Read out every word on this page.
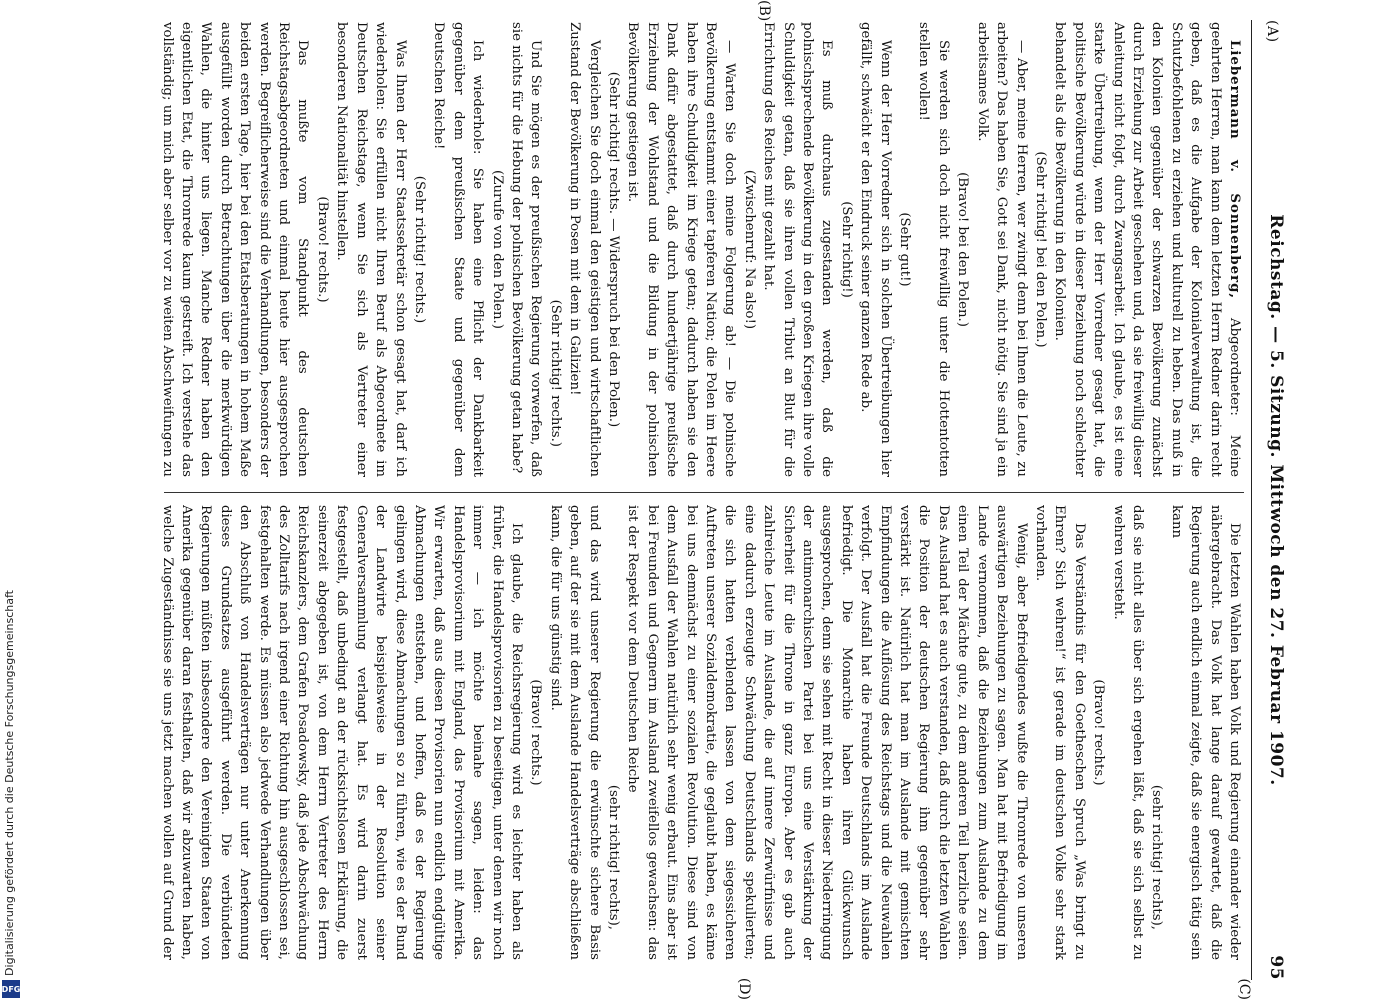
Digitalisierung gefördert durch die Deutsche Forschungsgemeinschaft
DFG
(A)
Reichstag. — 5. Sitzung. Mittwoch den 27. Februar 1907.
95
(B)
(C)
(D)

Liebermann v. Sonnenberg, Abgeordneter: Meine geehrten Herren, man kann dem letzten Herrn Redner darin recht geben, daß es die Aufgabe der Kolonialverwaltung ist, die Schutzbefohlenen zu erziehen und kulturell zu heben. Das muß in den Kolonien gegenüber der schwarzen Bevölkerung zunächst durch Erziehung zur Arbeit geschehen und, da sie freiwillig dieser Anleitung nicht folgt, durch Zwangsarbeit. Ich glaube, es ist eine starke Übertreibung, wenn der Herr Vorredner gesagt hat, die politische Bevölkerung würde in dieser Beziehung noch schlechter behandelt als die Bevölkerung in den Kolonien.

(Sehr richtig! bei den Polen.)

— Aber, meine Herren, wer zwingt denn bei Ihnen die Leute, zu arbeiten? Das haben Sie, Gott sei Dank, nicht nötig. Sie sind ja ein arbeitsames Volk.

(Bravo! bei den Polen.)

Sie werden sich doch nicht freiwillig unter die Hottentotten stellen wollen!

(Sehr gut!)

Wenn der Herr Vorredner sich in solchen Übertreibungen hier gefällt, schwächt er den Eindruck seiner ganzen Rede ab.

(Sehr richtig!)

Es muß durchaus zugestanden werden, daß die polnischsprechende Bevölkerung in den großen Kriegen ihre volle Schuldigkeit getan, daß sie ihren vollen Tribut an Blut für die Errichtung des Reiches mit gezahlt hat.

(Zwischenruf: Na also!)

— Warten Sie doch meine Folgerung ab! — Die polnische Bevölkerung entstammt einer tapferen Nation; die Polen im Heere haben ihre Schuldigkeit im Kriege getan; dadurch haben sie den Dank dafür abgestattet, daß durch hundertjährige preußische Erziehung der Wohlstand und die Bildung in der polnischen Bevölkerung gestiegen ist.

(Sehr richtig! rechts. — Widerspruch bei den Polen.)

Vergleichen Sie doch einmal den geistigen und wirtschaftlichen Zustand der Bevölkerung in Posen mit dem in Galizien!

(Sehr richtig! rechts.)

Und Sie mögen es der preußischen Regierung vorwerfen, daß sie nichts für die Hebung der polnischen Bevölkerung getan habe?

(Zurufe von den Polen.)

Ich wiederhole: Sie haben eine Pflicht der Dankbarkeit gegenüber dem preußischen Staate und gegenüber dem Deutschen Reiche!

(Sehr richtig! rechts.)

Was Ihnen der Herr Staatssekretär schon gesagt hat, darf ich wiederholen: Sie erfüllen nicht Ihren Beruf als Abgeordnete im Deutschen Reichstage, wenn Sie sich als Vertreter einer besonderen Nationalität hinstellen.

(Bravo! rechts.)

Das mußte vom Standpunkt des deutschen Reichstagsabgeordneten und einmal heute hier ausgesprochen werden. Begreiflicherweise sind die Verhandlungen, besonders der beiden ersten Tage, hier bei den Etatsberatungen in hohem Maße ausgefüllt worden durch Betrachtungen über die merkwürdigen Wahlen, die hinter uns liegen. Manche Redner haben den eigentlichen Etat, die Thronrede kaum gestreift. Ich verstehe das vollständig; um mich aber selber vor zu weiten Abschweifungen zu

Die letzten Wahlen haben Volk und Regierung einander wieder nähergebracht. Das Volk hat lange darauf gewartet, daß die Regierung auch endlich einmal zeigte, daß sie energisch tätig sein kann

(sehr richtig! rechts),

daß sie nicht alles über sich ergehen läßt, daß sie sich selbst zu wehren versteht.

(Bravo! rechts.)

Das Verständnis für den Goetheschen Spruch „Was bringt zu Ehren? Sich wehren!“ ist gerade im deutschen Volke sehr stark vorhanden.

Wenig, aber Befriedigendes wußte die Thronrede von unseren auswärtigen Beziehungen zu sagen. Man hat mit Befriedigung im Lande vernommen, daß die Beziehungen zum Auslande zu dem einen Teil der Mächte gute, zu dem anderen Teil herzliche seien. Das Ausland hat es auch verstanden, daß durch die letzten Wahlen die Position der deutschen Regierung ihm gegenüber sehr verstärkt ist. Natürlich hat man im Auslande mit gemischten Empfindungen die Auflösung des Reichstags und die Neuwahlen verfolgt. Der Ausfall hat die Freunde Deutschlands im Auslande befriedigt. Die Monarchie haben ihren Glückwunsch ausgesprochen, denn sie sehen mit Recht in dieser Niederringung der antimonarchischen Partei bei uns eine Verstärkung der Sicherheit für die Throne in ganz Europa. Aber es gab auch zahlreiche Leute im Auslande, die auf innere Zerwürfnisse und eine dadurch erzeugte Schwächung Deutschlands spekulierten; die sich hatten verblenden lassen von dem siegessicheren Auftreten unserer Sozialdemokratie, die geglaubt haben, es käme bei uns demnächst zu einer sozialen Revolution. Diese sind von dem Ausfall der Wahlen natürlich sehr wenig erbaut. Eins aber ist bei Freunden und Gegnern im Ausland zweifellos gewachsen: das ist der Respekt vor dem Deutschen Reiche

(sehr richtig! rechts),

und das wird unserer Regierung die erwünschte sichere Basis geben, auf der sie mit dem Auslande Handelsverträge abschließen kann, die für uns günstig sind.

(Bravo! rechts.)

Ich glaube, die Reichsregierung wird es leichter haben als früher, die Handelsprovisorien zu beseitigen, unter denen wir noch immer — ich möchte beinahe sagen, leiden: das Handelsprovisorium mit England, das Provisorium mit Amerika. Wir erwarten, daß aus diesen Provisorien nun endlich endgültige Abmachungen entstehen, und hoffen, daß es der Regierung gelingen wird, diese Abmachungen so zu führen, wie es der Bund der Landwirte beispielsweise in der Resolution seiner Generalversammlung verlangt hat. Es wird darin zuerst festgestellt, daß unbedingt an der rücksichtslosen Erklärung, die seinerzeit abgegeben ist, von dem Herrn Vertreter des Herrn Reichskanzlers, dem Grafen Posadowsky, daß jede Abschwächung des Zolltarifs nach irgend einer Richtung hin ausgeschlossen sei, festgehalten werde. Es müssen also jedwede Verhandlungen über den Abschluß von Handelsverträgen nur unter Anerkennung dieses Grundsatzes ausgeführt werden. Die verbündeten Regierungen müßten insbesondere den Vereinigten Staaten von Amerika gegenüber daran festhalten, daß wir abzuwarten haben, welche Zugeständnisse sie uns jetzt machen wollen auf Grund der
